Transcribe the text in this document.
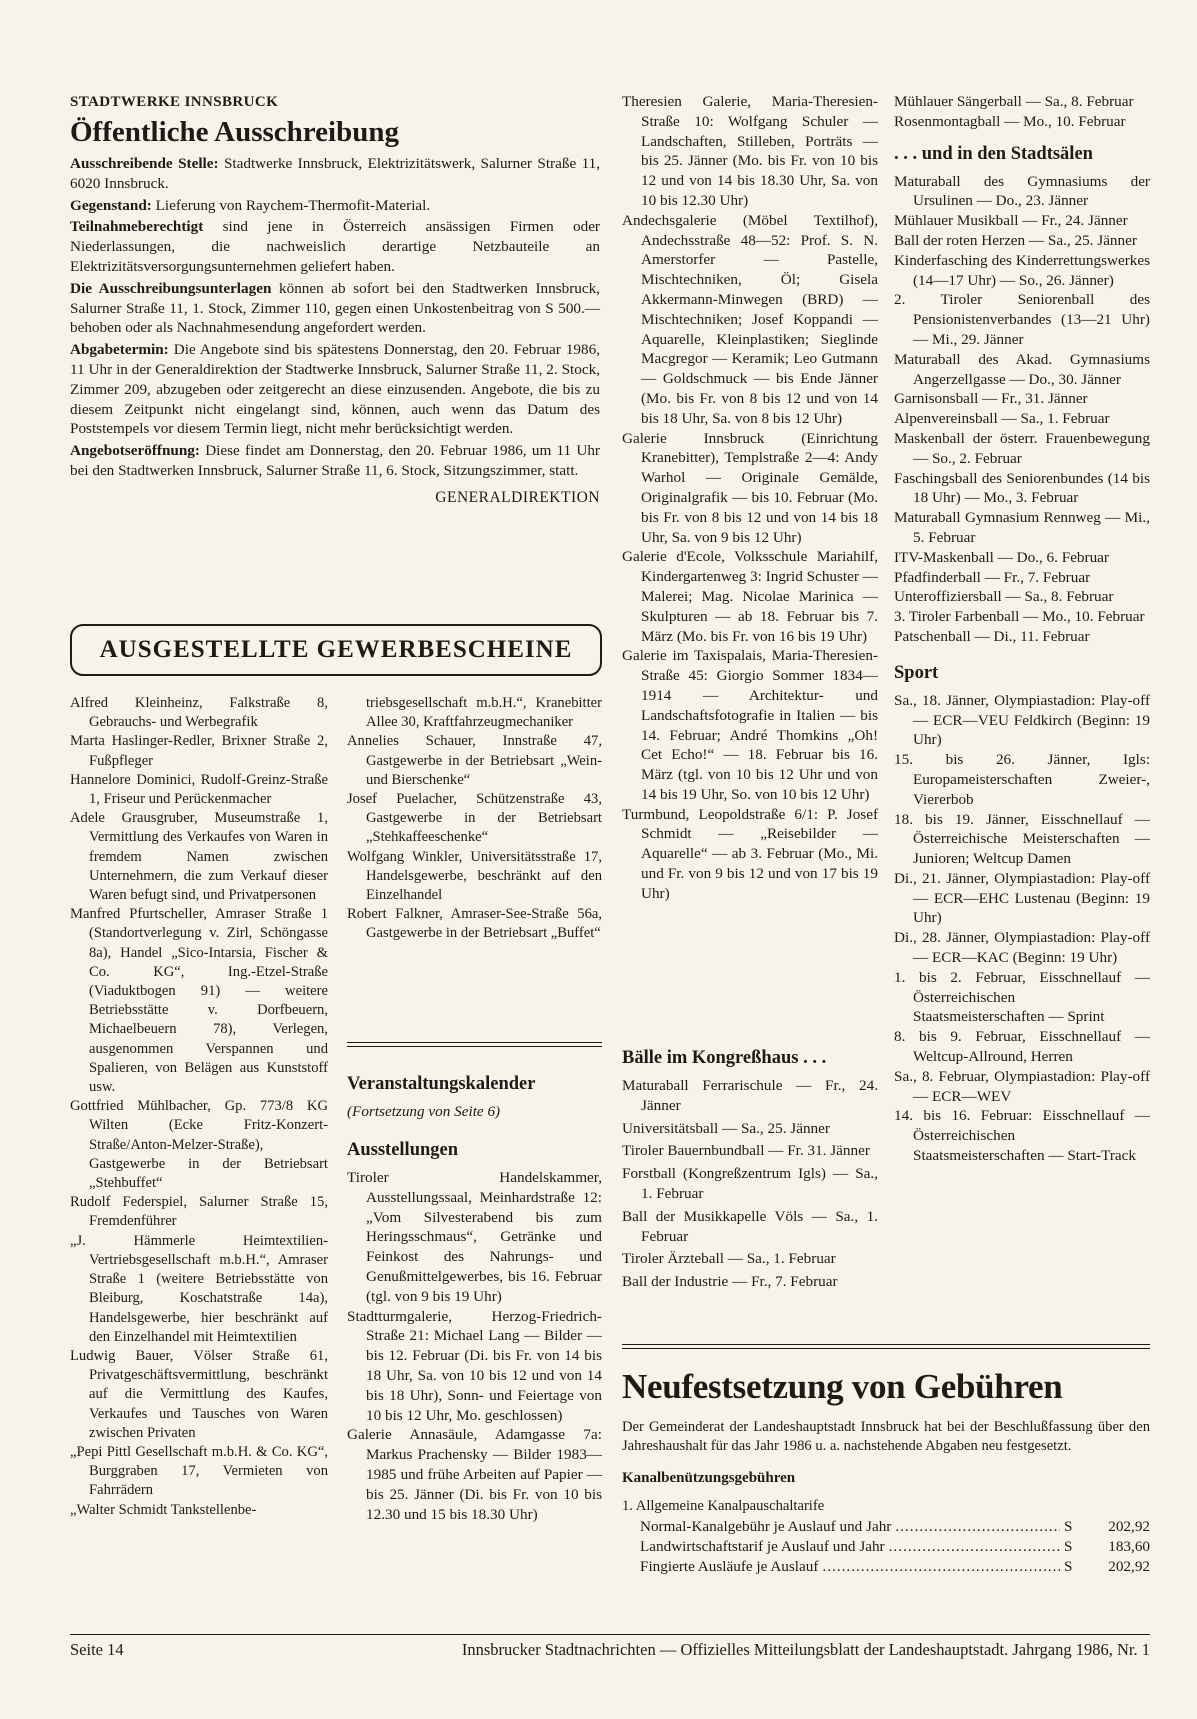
STADTWERKE INNSBRUCK
Öffentliche Ausschreibung

Ausschreibende Stelle: Stadtwerke Innsbruck, Elektrizitätswerk, Salurner Straße 11, 6020 Innsbruck.

Gegenstand: Lieferung von Raychem-Thermofit-Material.

Teilnahmeberechtigt sind jene in Österreich ansässigen Firmen oder Niederlassungen, die nachweislich derartige Netzbauteile an Elektrizitätsversorgungsunternehmen geliefert haben.

Die Ausschreibungsunterlagen können ab sofort bei den Stadtwerken Innsbruck, Salurner Straße 11, 1. Stock, Zimmer 110, gegen einen Unkostenbeitrag von S 500.— behoben oder als Nachnahmesendung angefordert werden.

Abgabetermin: Die Angebote sind bis spätestens Donnerstag, den 20. Februar 1986, 11 Uhr in der Generaldirektion der Stadtwerke Innsbruck, Salurner Straße 11, 2. Stock, Zimmer 209, abzugeben oder zeitgerecht an diese einzusenden. Angebote, die bis zu diesem Zeitpunkt nicht eingelangt sind, können, auch wenn das Datum des Poststempels vor diesem Termin liegt, nicht mehr berücksichtigt werden.

Angebotseröffnung: Diese findet am Donnerstag, den 20. Februar 1986, um 11 Uhr bei den Stadtwerken Innsbruck, Salurner Straße 11, 6. Stock, Sitzungszimmer, statt.

GENERALDIREKTION
AUSGESTELLTE GEWERBESCHEINE

Alfred Kleinheinz, Falkstraße 8, Gebrauchs- und Werbegrafik

Marta Haslinger-Redler, Brixner Straße 2, Fußpfleger

Hannelore Dominici, Rudolf-Greinz-Straße 1, Friseur und Perückenmacher

Adele Grausgruber, Museumstraße 1, Vermittlung des Verkaufes von Waren in fremdem Namen zwischen Unternehmern, die zum Verkauf dieser Waren befugt sind, und Privatpersonen

Manfred Pfurtscheller, Amraser Straße 1 (Standortverlegung v. Zirl, Schöngasse 8a), Handel „Sico-Intarsia, Fischer & Co. KG“, Ing.-Etzel-Straße (Viaduktbogen 91) — weitere Betriebsstätte v. Dorfbeuern, Michaelbeuern 78), Verlegen, ausgenommen Verspannen und Spalieren, von Belägen aus Kunststoff usw.

Gottfried Mühlbacher, Gp. 773/8 KG Wilten (Ecke Fritz-Konzert-Straße/Anton-Melzer-Straße), Gastgewerbe in der Betriebsart „Stehbuffet“

Rudolf Federspiel, Salurner Straße 15, Fremdenführer

„J. Hämmerle Heimtextilien-Vertriebsgesellschaft m.b.H.“, Amraser Straße 1 (weitere Betriebsstätte von Bleiburg, Koschatstraße 14a), Handelsgewerbe, hier beschränkt auf den Einzelhandel mit Heimtextilien

Ludwig Bauer, Völser Straße 61, Privatgeschäftsvermittlung, beschränkt auf die Vermittlung des Kaufes, Verkaufes und Tausches von Waren zwischen Privaten

„Pepi Pittl Gesellschaft m.b.H. & Co. KG“, Burggraben 17, Vermieten von Fahrrädern

„Walter Schmidt Tankstellenbe-

triebsgesellschaft m.b.H.“, Kranebitter Allee 30, Kraftfahrzeugmechaniker

Annelies Schauer, Innstraße 47, Gastgewerbe in der Betriebsart „Wein- und Bierschenke“

Josef Puelacher, Schützenstraße 43, Gastgewerbe in der Betriebsart „Stehkaffeeschenke“

Wolfgang Winkler, Universitätsstraße 17, Handelsgewerbe, beschränkt auf den Einzelhandel

Robert Falkner, Amraser-See-Straße 56a, Gastgewerbe in der Betriebsart „Buffet“

Veranstaltungskalender
(Fortsetzung von Seite 6)
Ausstellungen

Tiroler Handelskammer, Ausstellungssaal, Meinhardstraße 12: „Vom Silvesterabend bis zum Heringsschmaus“, Getränke und Feinkost des Nahrungs- und Genußmittelgewerbes, bis 16. Februar (tgl. von 9 bis 19 Uhr)

Stadtturmgalerie, Herzog-Friedrich-Straße 21: Michael Lang — Bilder — bis 12. Februar (Di. bis Fr. von 14 bis 18 Uhr, Sa. von 10 bis 12 und von 14 bis 18 Uhr), Sonn- und Feiertage von 10 bis 12 Uhr, Mo. geschlossen)

Galerie Annasäule, Adamgasse 7a: Markus Prachensky — Bilder 1983—1985 und frühe Arbeiten auf Papier — bis 25. Jänner (Di. bis Fr. von 10 bis 12.30 und 15 bis 18.30 Uhr)

Theresien Galerie, Maria-Theresien-Straße 10: Wolfgang Schuler — Landschaften, Stilleben, Porträts — bis 25. Jänner (Mo. bis Fr. von 10 bis 12 und von 14 bis 18.30 Uhr, Sa. von 10 bis 12.30 Uhr)

Andechsgalerie (Möbel Textilhof), Andechsstraße 48—52: Prof. S. N. Amerstorfer — Pastelle, Mischtechniken, Öl; Gisela Akkermann-Minwegen (BRD) — Mischtechniken; Josef Koppandi — Aquarelle, Kleinplastiken; Sieglinde Macgregor — Keramik; Leo Gutmann — Goldschmuck — bis Ende Jänner (Mo. bis Fr. von 8 bis 12 und von 14 bis 18 Uhr, Sa. von 8 bis 12 Uhr)

Galerie Innsbruck (Einrichtung Kranebitter), Templstraße 2—4: Andy Warhol — Originale Gemälde, Originalgrafik — bis 10. Februar (Mo. bis Fr. von 8 bis 12 und von 14 bis 18 Uhr, Sa. von 9 bis 12 Uhr)

Galerie d'Ecole, Volksschule Mariahilf, Kindergartenweg 3: Ingrid Schuster — Malerei; Mag. Nicolae Marinica — Skulpturen — ab 18. Februar bis 7. März (Mo. bis Fr. von 16 bis 19 Uhr)

Galerie im Taxispalais, Maria-Theresien-Straße 45: Giorgio Sommer 1834—1914 — Architektur- und Landschaftsfotografie in Italien — bis 14. Februar; André Thomkins „Oh! Cet Echo!“ — 18. Februar bis 16. März (tgl. von 10 bis 12 Uhr und von 14 bis 19 Uhr, So. von 10 bis 12 Uhr)

Turmbund, Leopoldstraße 6/1: P. Josef Schmidt — „Reisebilder — Aquarelle“ — ab 3. Februar (Mo., Mi. und Fr. von 9 bis 12 und von 17 bis 19 Uhr)

Bälle im Kongreßhaus . . .

Maturaball Ferrarischule — Fr., 24. Jänner

Universitätsball — Sa., 25. Jänner

Tiroler Bauernbundball — Fr. 31. Jänner

Forstball (Kongreßzentrum Igls) — Sa., 1. Februar

Ball der Musikkapelle Völs — Sa., 1. Februar

Tiroler Ärzteball — Sa., 1. Februar

Ball der Industrie — Fr., 7. Februar

Mühlauer Sängerball — Sa., 8. Februar

Rosenmontagball — Mo., 10. Februar

. . . und in den Stadtsälen

Maturaball des Gymnasiums der Ursulinen — Do., 23. Jänner

Mühlauer Musikball — Fr., 24. Jänner

Ball der roten Herzen — Sa., 25. Jänner

Kinderfasching des Kinderrettungswerkes (14—17 Uhr) — So., 26. Jänner)

2. Tiroler Seniorenball des Pensionistenverbandes (13—21 Uhr) — Mi., 29. Jänner

Maturaball des Akad. Gymnasiums Angerzellgasse — Do., 30. Jänner

Garnisonsball — Fr., 31. Jänner

Alpenvereinsball — Sa., 1. Februar

Maskenball der österr. Frauenbewegung — So., 2. Februar

Faschingsball des Seniorenbundes (14 bis 18 Uhr) — Mo., 3. Februar

Maturaball Gymnasium Rennweg — Mi., 5. Februar

ITV-Maskenball — Do., 6. Februar

Pfadfinderball — Fr., 7. Februar

Unteroffiziersball — Sa., 8. Februar

3. Tiroler Farbenball — Mo., 10. Februar

Patschenball — Di., 11. Februar

Sport

Sa., 18. Jänner, Olympiastadion: Play-off — ECR—VEU Feldkirch (Beginn: 19 Uhr)

15. bis 26. Jänner, Igls: Europameisterschaften Zweier-, Viererbob

18. bis 19. Jänner, Eisschnellauf — Österreichische Meisterschaften — Junioren; Weltcup Damen

Di., 21. Jänner, Olympiastadion: Play-off — ECR—EHC Lustenau (Beginn: 19 Uhr)

Di., 28. Jänner, Olympiastadion: Play-off — ECR—KAC (Beginn: 19 Uhr)

1. bis 2. Februar, Eisschnellauf — Österreichischen Staatsmeisterschaften — Sprint

8. bis 9. Februar, Eisschnellauf — Weltcup-Allround, Herren

Sa., 8. Februar, Olympiastadion: Play-off — ECR—WEV

14. bis 16. Februar: Eisschnellauf — Österreichischen Staatsmeisterschaften — Start-Track

Neufestsetzung von Gebühren

Der Gemeinderat der Landeshauptstadt Innsbruck hat bei der Beschlußfassung über den Jahreshaushalt für das Jahr 1986 u. a. nachstehende Abgaben neu festgesetzt.

Kanalbenützungsgebühren
1. Allgemeine Kanalpauschaltarife
Normal-Kanalgebühr je Auslauf und Jahr .....	S	202,92
Landwirtschaftstarif je Auslauf und Jahr .....	S	183,60
Fingierte Ausläufe je Auslauf .....	S	202,92
Seite 14	Innsbrucker Stadtnachrichten — Offizielles Mitteilungsblatt der Landeshauptstadt. Jahrgang 1986, Nr. 1
